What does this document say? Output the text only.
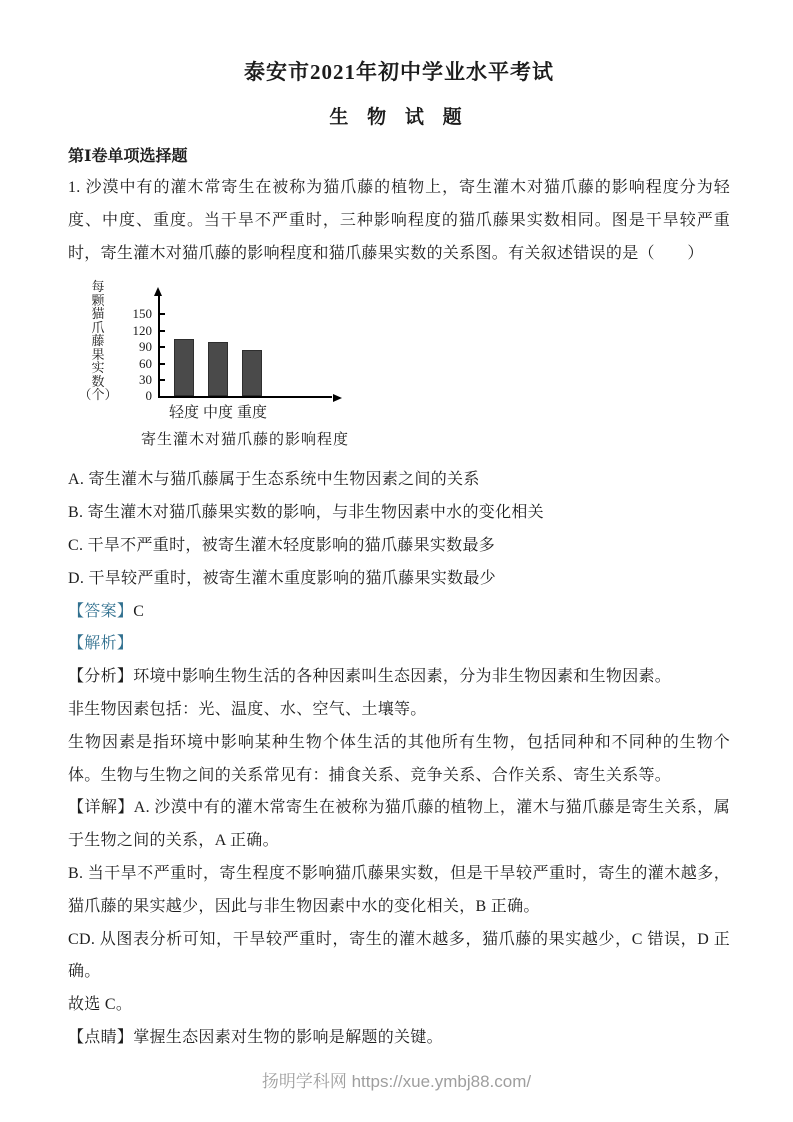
泰安市2021年初中学业水平考试
生 物 试 题
第Ⅰ卷单项选择题

1. 沙漠中有的灌木常寄生在被称为猫爪藤的植物上，寄生灌木对猫爪藤的影响程度分为轻度、中度、重度。当干旱不严重时，三种影响程度的猫爪藤果实数相同。图是干旱较严重时，寄生灌木对猫爪藤的影响程度和猫爪藤果实数的关系图。有关叙述错误的是（　　）

每
颗
猫
爪
藤
果
实
数
（个）	0
30
60
90
120
150
轻度 中度 重度
寄生灌木对猫爪藤的影响程度

A. 寄生灌木与猫爪藤属于生态系统中生物因素之间的关系

B. 寄生灌木对猫爪藤果实数的影响，与非生物因素中水的变化相关

C. 干旱不严重时，被寄生灌木轻度影响的猫爪藤果实数最多

D. 干旱较严重时，被寄生灌木重度影响的猫爪藤果实数最少

【答案】C

【解析】

【分析】环境中影响生物生活的各种因素叫生态因素，分为非生物因素和生物因素。

非生物因素包括：光、温度、水、空气、土壤等。

生物因素是指环境中影响某种生物个体生活的其他所有生物，包括同种和不同种的生物个体。生物与生物之间的关系常见有：捕食关系、竞争关系、合作关系、寄生关系等。

【详解】A. 沙漠中有的灌木常寄生在被称为猫爪藤的植物上，灌木与猫爪藤是寄生关系，属于生物之间的关系，A 正确。

B. 当干旱不严重时，寄生程度不影响猫爪藤果实数，但是干旱较严重时，寄生的灌木越多，猫爪藤的果实越少，因此与非生物因素中水的变化相关，B 正确。

CD. 从图表分析可知，干旱较严重时，寄生的灌木越多，猫爪藤的果实越少，C 错误，D 正确。

故选 C。

【点睛】掌握生态因素对生物的影响是解题的关键。

扬明学科网 https://xue.ymbj88.com/
